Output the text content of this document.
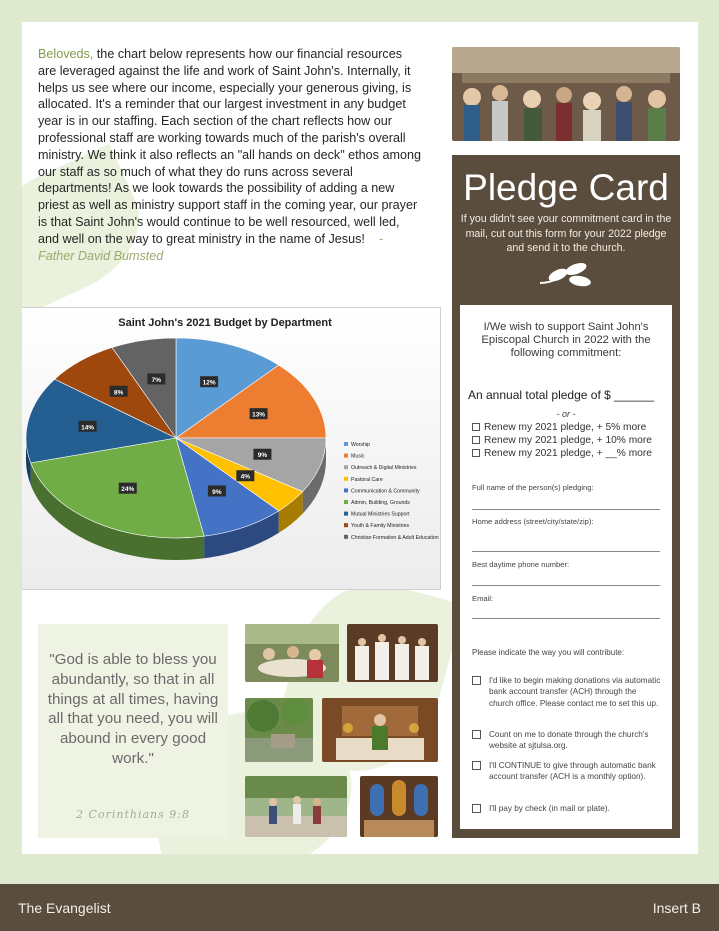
Beloveds, the chart below represents how our financial resources are leveraged against the life and work of Saint John's. Internally, it helps us see where our income, especially your generous giving, is allocated. It's a reminder that our largest investment in any budget year is in our staffing. Each section of the chart reflects how our professional staff are working towards much of the parish's overall ministry. We think it also reflects an "all hands on deck" ethos among our staff as so much of what they do runs across several departments! As we look towards the possibility of adding a new priest as well as ministry support staff in the coming year, our prayer is that Saint John's would continue to be well resourced, well led, and well on the way to great ministry in the name of Jesus! - Father David Bumsted
Saint John's 2021 Budget by Department
12%
13%
9%
4%
9%
24%
14%
8%
7%
Worship
Music
Outreach & Digital Ministries
Pastoral Care
Communication & Community
Admin, Building, Grounds
Mutual Ministries Support
Youth & Family Ministries
Christian Formation & Adult Education
"God is able to bless you abundantly, so that in all things at all times, having all that you need, you will abound in every good work."
2 Corinthians 9:8
Pledge Card
If you didn't see your commitment card in the mail, cut out this form for your 2022 pledge and send it to the church.
I/We wish to support Saint John's Episcopal Church in 2022 with the following commitment:
An annual total pledge of $ ______
- or -
Renew my 2021 pledge, + 5% more
Renew my 2021 pledge, + 10% more
Renew my 2021 pledge, + __% more
Full name of the person(s) pledging:
Home address (street/city/state/zip):
Best daytime phone number:
Email:
Please indicate the way you will contribute:
I'd like to begin making donations via automatic bank account transfer (ACH) through the church office. Please contact me to set this up.
Count on me to donate through the church's website at sjtulsa.org.
I'll CONTINUE to give through automatic bank account transfer (ACH is a monthly option).
I'll pay by check (in mail or plate).
The Evangelist	Insert B
